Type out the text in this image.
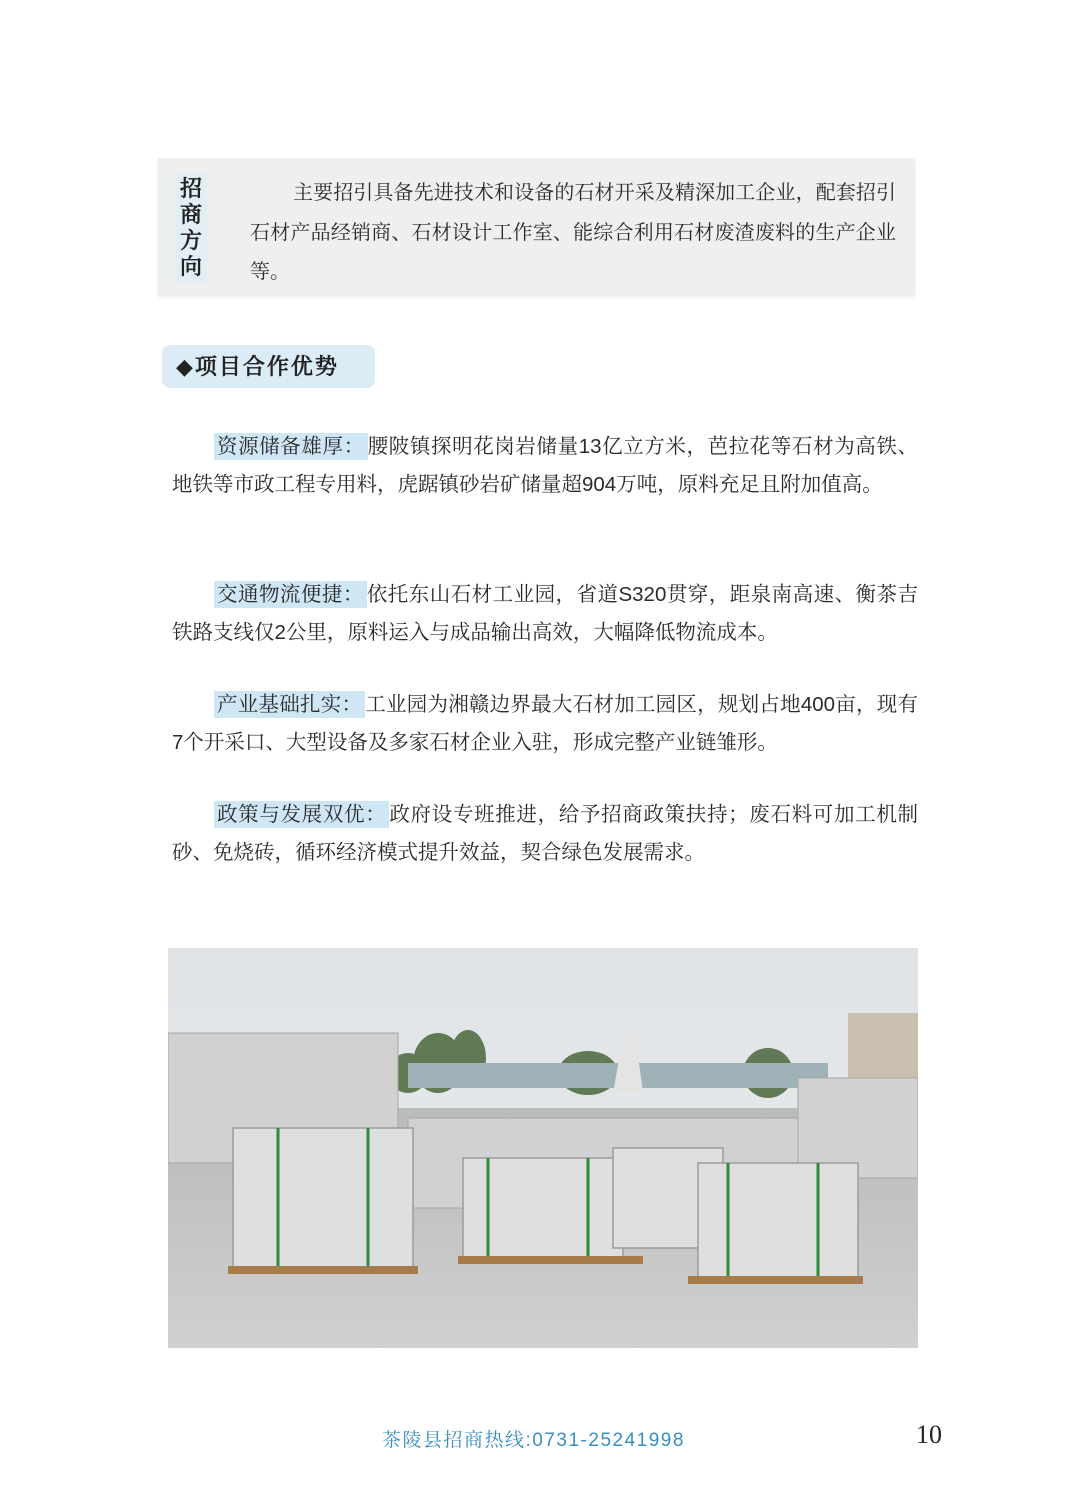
招商方向
主要招引具备先进技术和设备的石材开采及精深加工企业，配套招引石材产品经销商、石材设计工作室、能综合利用石材废渣废料的生产企业等。
◆项目合作优势
资源储备雄厚： 腰陂镇探明花岗岩储量13亿立方米，芭拉花等石材为高铁、地铁等市政工程专用料，虎踞镇砂岩矿储量超904万吨，原料充足且附加值高。
交通物流便捷： 依托东山石材工业园，省道S320贯穿，距泉南高速、衡茶吉铁路支线仅2公里，原料运入与成品输出高效，大幅降低物流成本。
产业基础扎实： 工业园为湘赣边界最大石材加工园区，规划占地400亩，现有7个开采口、大型设备及多家石材企业入驻，形成完整产业链雏形。
政策与发展双优： 政府设专班推进，给予招商政策扶持；废石料可加工机制砂、免烧砖，循环经济模式提升效益，契合绿色发展需求。
茶陵县招商热线:0731-25241998	10
